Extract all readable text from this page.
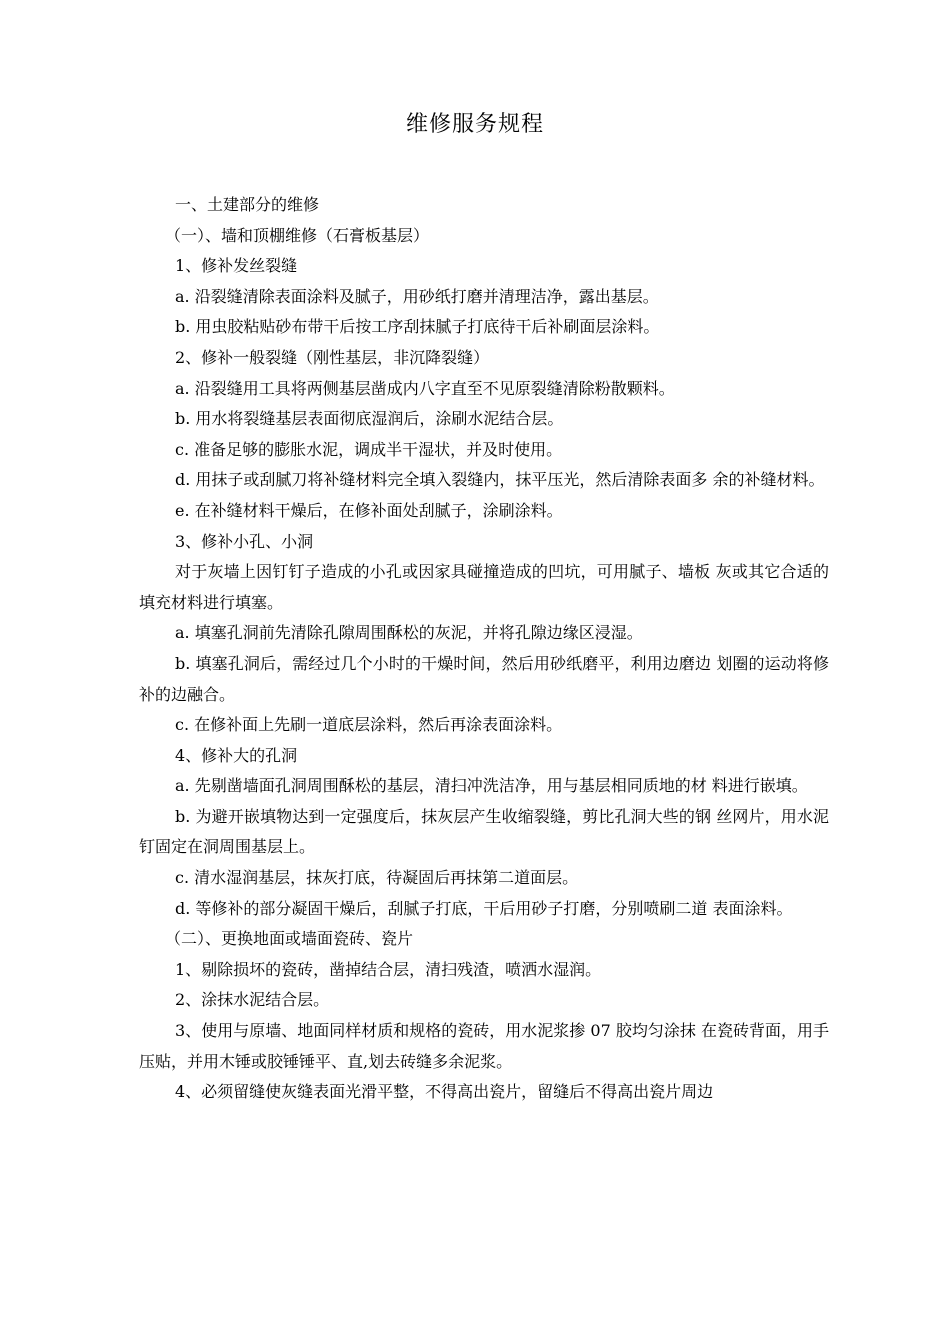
维修服务规程

一、土建部分的维修

（一）、墙和顶棚维修（石膏板基层）

1、修补发丝裂缝

a. 沿裂缝清除表面涂料及腻子，用砂纸打磨并清理洁净，露出基层。

b. 用虫胶粘贴砂布带干后按工序刮抹腻子打底待干后补刷面层涂料。

2、修补一般裂缝（刚性基层，非沉降裂缝）

a. 沿裂缝用工具将两侧基层凿成内八字直至不见原裂缝清除粉散颗料。

b. 用水将裂缝基层表面彻底湿润后，涂刷水泥结合层。

c. 准备足够的膨胀水泥，调成半干湿状，并及时使用。

d. 用抹子或刮腻刀将补缝材料完全填入裂缝内，抹平压光，然后清除表面多 余的补缝材料。

e. 在补缝材料干燥后，在修补面处刮腻子，涂刷涂料。

3、修补小孔、小洞

对于灰墙上因钉钉子造成的小孔或因家具碰撞造成的凹坑，可用腻子、墙板 灰或其它合适的填充材料进行填塞。

a. 填塞孔洞前先清除孔隙周围酥松的灰泥，并将孔隙边缘区浸湿。

b. 填塞孔洞后，需经过几个小时的干燥时间，然后用砂纸磨平，利用边磨边 划圈的运动将修补的边融合。

c. 在修补面上先刷一道底层涂料，然后再涂表面涂料。

4、修补大的孔洞

a. 先剔凿墙面孔洞周围酥松的基层，清扫冲洗洁净，用与基层相同质地的材 料进行嵌填。

b. 为避开嵌填物达到一定强度后，抹灰层产生收缩裂缝，剪比孔洞大些的钢 丝网片，用水泥钉固定在洞周围基层上。

c. 清水湿润基层，抹灰打底，待凝固后再抹第二道面层。

d. 等修补的部分凝固干燥后，刮腻子打底，干后用砂子打磨，分别喷刷二道 表面涂料。

（二）、更换地面或墙面瓷砖、瓷片

1、剔除损坏的瓷砖，凿掉结合层，清扫残渣，喷洒水湿润。

2、涂抹水泥结合层。

3、使用与原墙、地面同样材质和规格的瓷砖，用水泥浆掺 07 胶均匀涂抹 在瓷砖背面，用手压贴，并用木锤或胶锤锤平、直,划去砖缝多余泥浆。

4、必须留缝使灰缝表面光滑平整，不得高出瓷片，留缝后不得高出瓷片周边
